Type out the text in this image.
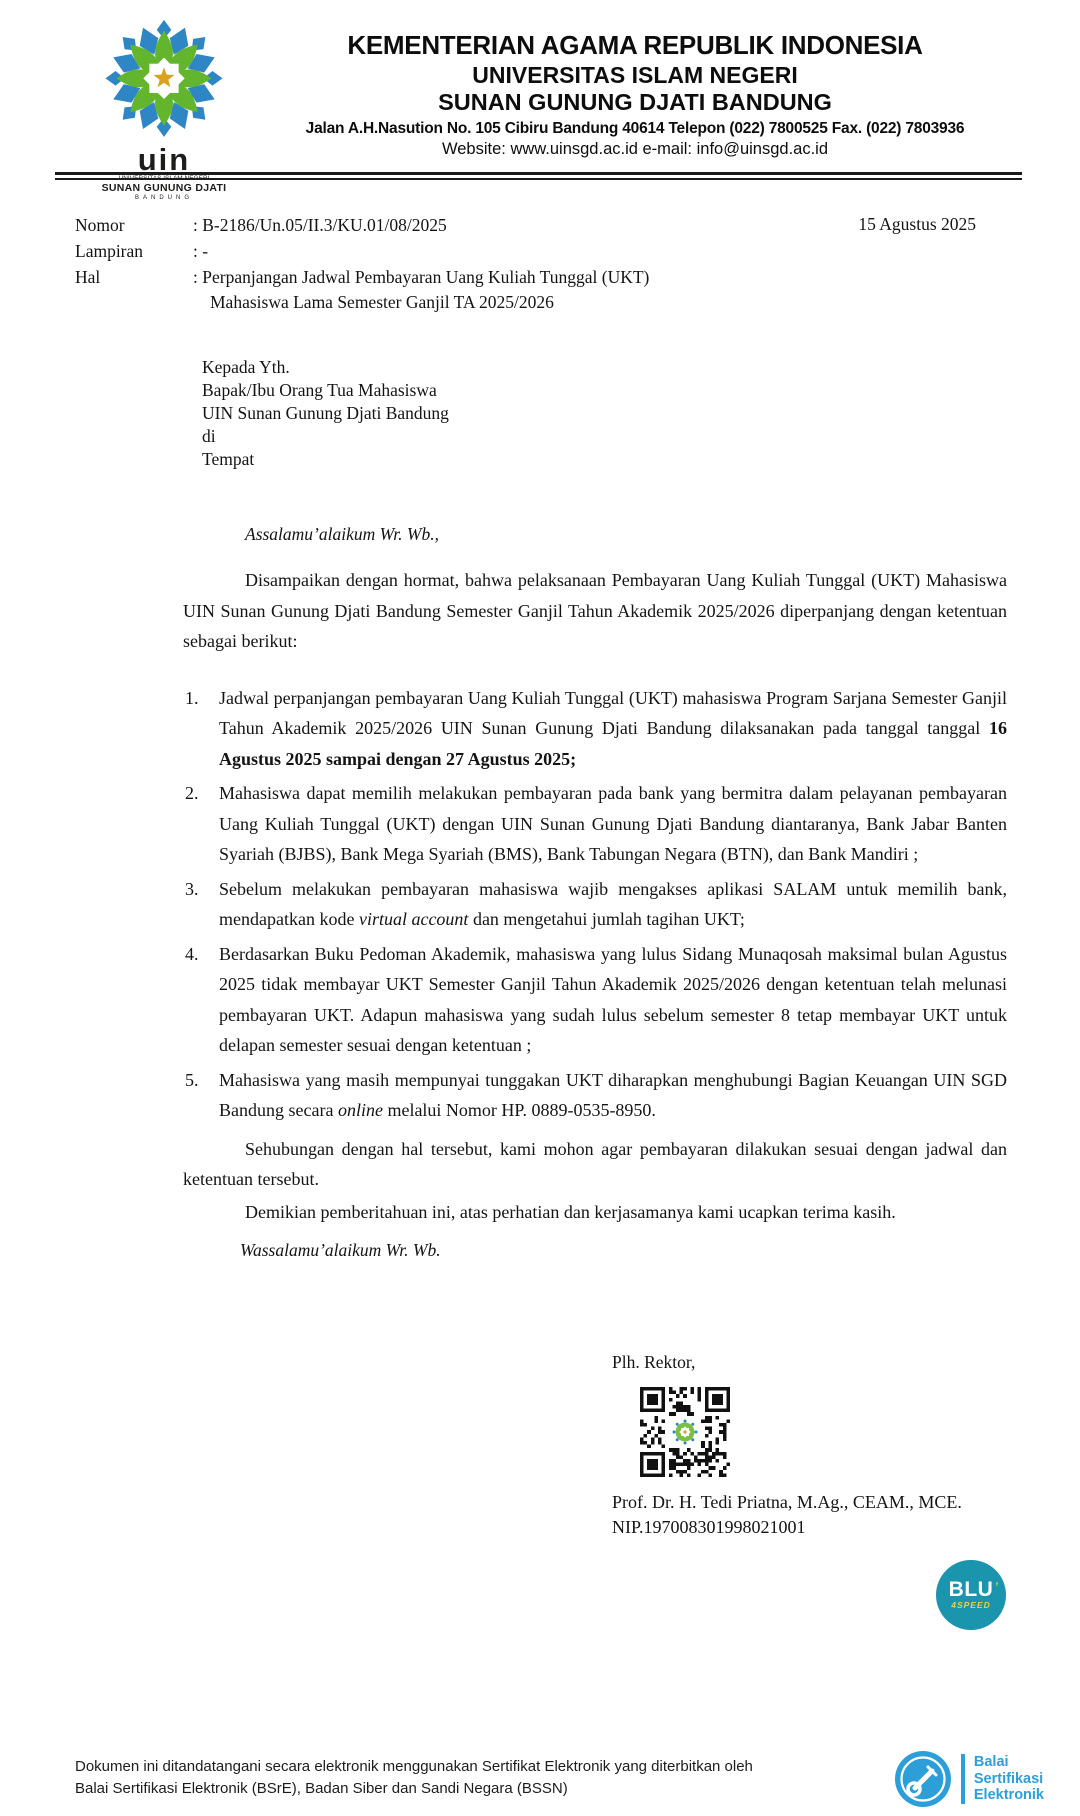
uin
UNIVERSITAS ISLAM NEGERI
SUNAN GUNUNG DJATI
BANDUNG
KEMENTERIAN AGAMA REPUBLIK INDONESIA
UNIVERSITAS ISLAM NEGERI
SUNAN GUNUNG DJATI BANDUNG
Jalan A.H.Nasution No. 105 Cibiru Bandung 40614 Telepon (022) 7800525 Fax. (022) 7803936
Website: www.uinsgd.ac.id e-mail: info@uinsgd.ac.id
Nomor	: B-2186/Un.05/II.3/KU.01/08/2025
Lampiran	: -
Hal	: Perpanjangan Jadwal Pembayaran Uang Kuliah Tunggal (UKT)
Mahasiswa Lama Semester Ganjil TA 2025/2026
15 Agustus 2025
Kepada Yth.
Bapak/Ibu Orang Tua Mahasiswa
UIN Sunan Gunung Djati Bandung
di
Tempat
Assalamu’alaikum Wr. Wb.,

Disampaikan dengan hormat, bahwa pelaksanaan Pembayaran Uang Kuliah Tunggal (UKT) Mahasiswa UIN Sunan Gunung Djati Bandung Semester Ganjil Tahun Akademik 2025/2026 diperpanjang dengan ketentuan sebagai berikut:

1. Jadwal perpanjangan pembayaran Uang Kuliah Tunggal (UKT) mahasiswa Program Sarjana Semester Ganjil Tahun Akademik 2025/2026 UIN Sunan Gunung Djati Bandung dilaksanakan pada tanggal tanggal 16 Agustus 2025 sampai dengan 27 Agustus 2025;
2. Mahasiswa dapat memilih melakukan pembayaran pada bank yang bermitra dalam pelayanan pembayaran Uang Kuliah Tunggal (UKT) dengan UIN Sunan Gunung Djati Bandung diantaranya, Bank Jabar Banten Syariah (BJBS), Bank Mega Syariah (BMS), Bank Tabungan Negara (BTN), dan Bank Mandiri ;
3. Sebelum melakukan pembayaran mahasiswa wajib mengakses aplikasi SALAM untuk memilih bank, mendapatkan kode virtual account dan mengetahui jumlah tagihan UKT;
4. Berdasarkan Buku Pedoman Akademik, mahasiswa yang lulus Sidang Munaqosah maksimal bulan Agustus 2025 tidak membayar UKT Semester Ganjil Tahun Akademik 2025/2026 dengan ketentuan telah melunasi pembayaran UKT. Adapun mahasiswa yang sudah lulus sebelum semester 8 tetap membayar UKT untuk delapan semester sesuai dengan ketentuan ;
5. Mahasiswa yang masih mempunyai tunggakan UKT diharapkan menghubungi Bagian Keuangan UIN SGD Bandung secara online melalui Nomor HP. 0889-0535-8950.

Sehubungan dengan hal tersebut, kami mohon agar pembayaran dilakukan sesuai dengan jadwal dan ketentuan tersebut.

Demikian pemberitahuan ini, atas perhatian dan kerjasamanya kami ucapkan terima kasih.

Wassalamu’alaikum Wr. Wb.
Plh. Rektor,
Prof. Dr. H. Tedi Priatna, M.Ag., CEAM., MCE.
NIP.197008301998021001
BLU ’
4SPEED
Dokumen ini ditandatangani secara elektronik menggunakan Sertifikat Elektronik yang diterbitkan oleh
Balai Sertifikasi Elektronik (BSrE), Badan Siber dan Sandi Negara (BSSN)
Balai
Sertifikasi
Elektronik
